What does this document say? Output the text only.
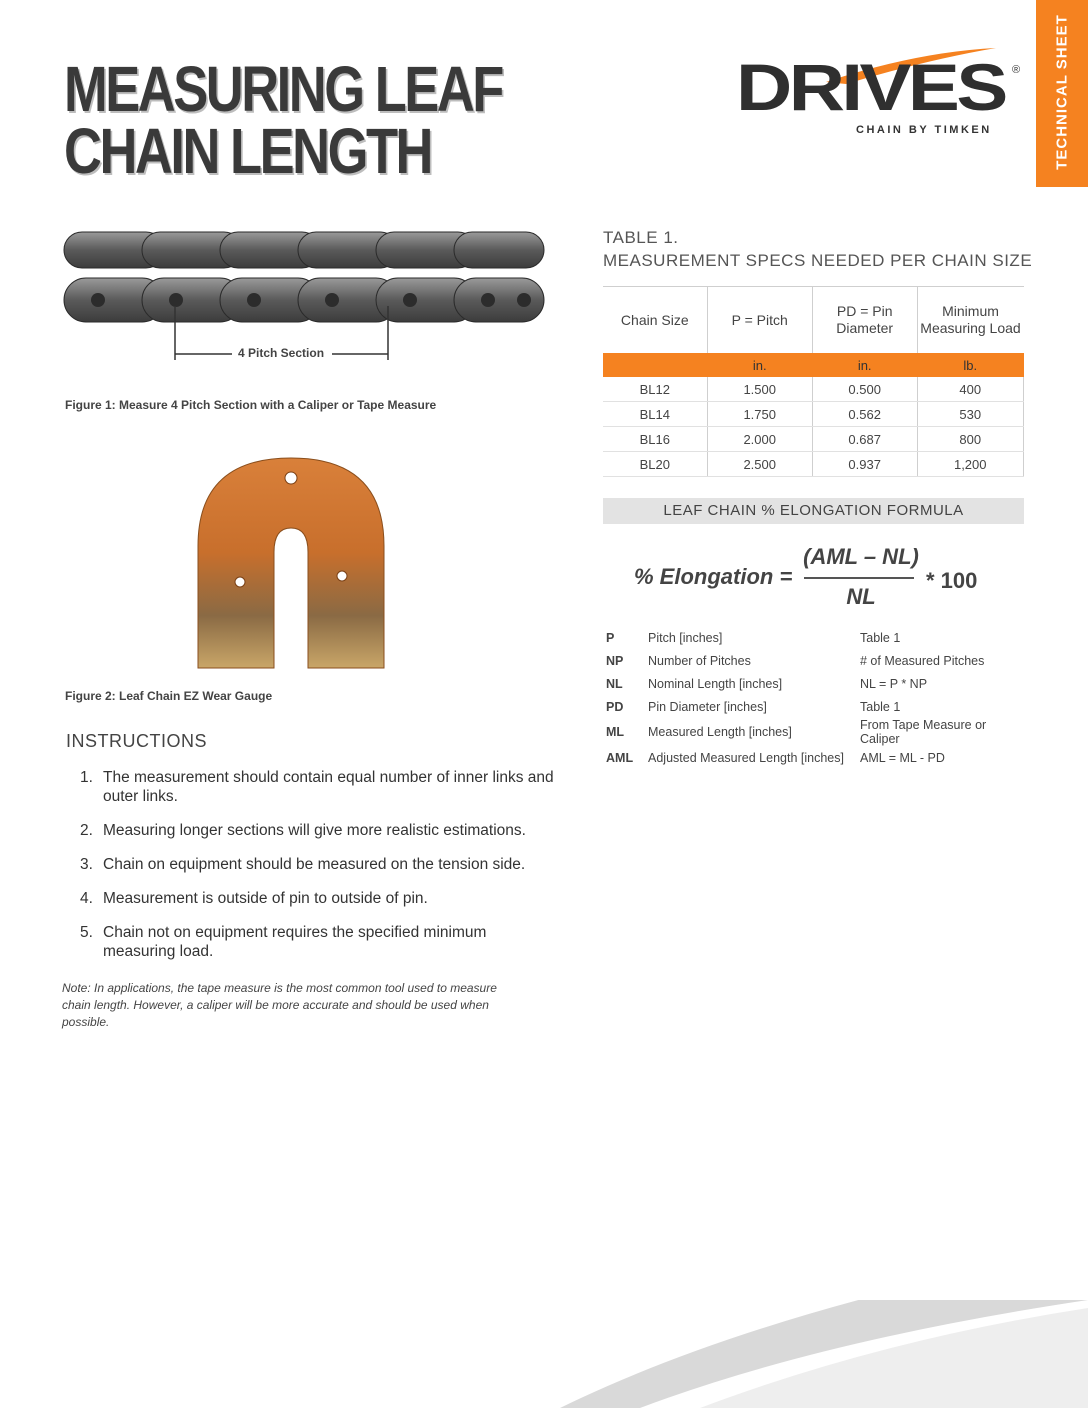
TECHNICAL SHEET
MEASURING LEAF
CHAIN LENGTH
DRIVES ®
CHAIN BY TIMKEN
4 Pitch Section
Figure 1: Measure 4 Pitch Section with a Caliper or Tape Measure
Figure 2: Leaf Chain EZ Wear Gauge
INSTRUCTIONS
1. The measurement should contain equal number of inner links and outer links.
2. Measuring longer sections will give more realistic estimations.
3. Chain on equipment should be measured on the tension side.
4. Measurement is outside of pin to outside of pin.
5. Chain not on equipment requires the specified minimum measuring load.
Note: In applications, the tape measure is the most common tool used to measure chain length. However, a caliper will be more accurate and should be used when possible.
TABLE 1.
MEASUREMENT SPECS NEEDED PER CHAIN SIZE
Chain Size	P = Pitch	PD = Pin Diameter	Minimum Measuring Load
	in.	in.	lb.
BL12	1.500	0.500	400
BL14	1.750	0.562	530
BL16	2.000	0.687	800
BL20	2.500	0.937	1,200
LEAF CHAIN % ELONGATION FORMULA
% Elongation =
(AML – NL)
NL
* 100
P	Pitch [inches]	Table 1
NP	Number of Pitches	# of Measured Pitches
NL	Nominal Length [inches]	NL = P * NP
PD	Pin Diameter [inches]	Table 1
ML	Measured Length [inches]	From Tape Measure or Caliper
AML	Adjusted Measured Length [inches]	AML = ML - PD
